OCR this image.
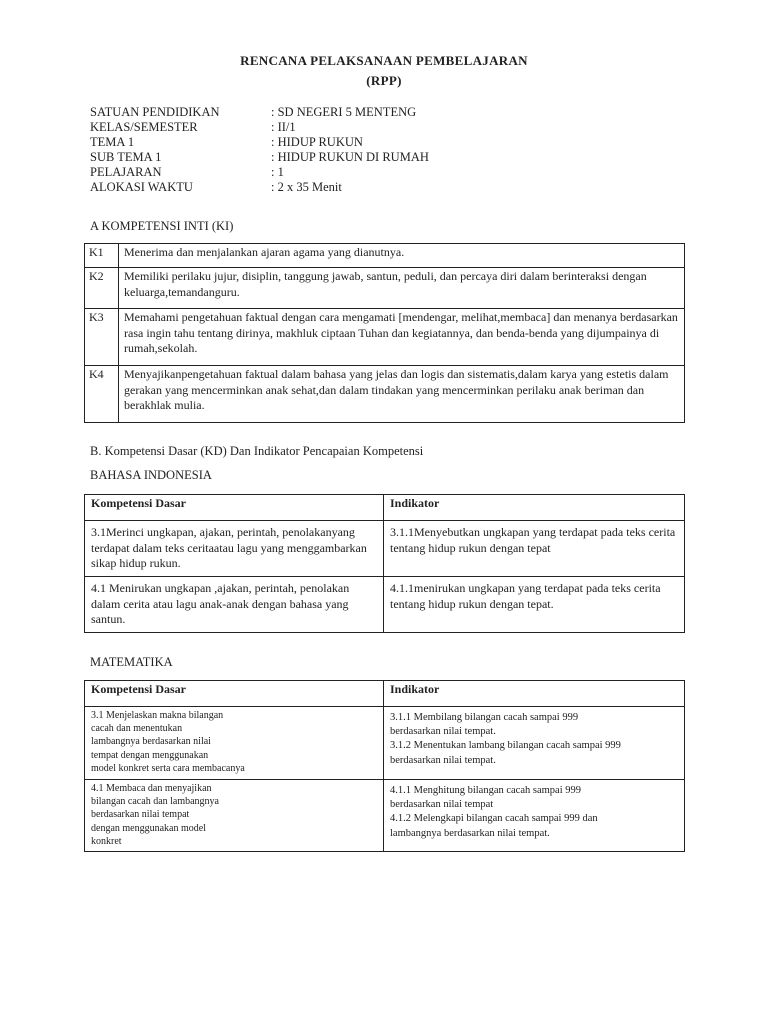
RENCANA PELAKSANAAN PEMBELAJARAN
(RPP)
SATUAN PENDIDIKAN	: SD NEGERI 5 MENTENG
KELAS/SEMESTER	: II/1
TEMA 1	: HIDUP RUKUN
SUB TEMA 1	: HIDUP RUKUN DI RUMAH
PELAJARAN	: 1
ALOKASI WAKTU	: 2 x 35 Menit
A KOMPETENSI INTI (KI)
K1	Menerima dan menjalankan ajaran agama yang dianutnya.
K2	Memiliki perilaku jujur, disiplin, tanggung jawab, santun, peduli, dan percaya diri dalam berinteraksi dengan keluarga,temandanguru.
K3	Memahami pengetahuan faktual dengan cara mengamati [mendengar, melihat,membaca] dan menanya berdasarkan rasa ingin tahu tentang dirinya, makhluk ciptaan Tuhan dan kegiatannya, dan benda-benda yang dijumpainya di rumah,sekolah.
K4	Menyajikanpengetahuan faktual dalam bahasa yang jelas dan logis dan sistematis,dalam karya yang estetis dalam gerakan yang mencerminkan anak sehat,dan dalam tindakan yang mencerminkan perilaku anak beriman dan berakhlak mulia.
B. Kompetensi Dasar (KD) Dan Indikator Pencapaian Kompetensi
BAHASA INDONESIA
Kompetensi Dasar	Indikator
3.1Merinci ungkapan, ajakan, perintah, penolakanyang terdapat dalam teks ceritaatau lagu yang menggambarkan sikap hidup rukun.	3.1.1Menyebutkan ungkapan yang terdapat pada teks cerita tentang hidup rukun dengan tepat
4.1 Menirukan ungkapan ,ajakan, perintah, penolakan dalam cerita atau lagu anak-anak dengan bahasa yang santun.	4.1.1menirukan ungkapan yang terdapat pada teks cerita tentang hidup rukun dengan tepat.
MATEMATIKA
Kompetensi Dasar	Indikator

3.1 Menjelaskan makna bilangan
cacah dan menentukan
lambangnya berdasarkan nilai
tempat dengan menggunakan
model konkret serta cara membacanya	3.1.1 Membilang bilangan cacah sampai 999
berdasarkan nilai tempat.
3.1.2 Menentukan lambang bilangan cacah sampai 999
berdasarkan nilai tempat.

4.1 Membaca dan menyajikan
bilangan cacah dan lambangnya
berdasarkan nilai tempat
dengan menggunakan model
konkret	4.1.1 Menghitung bilangan cacah sampai 999
berdasarkan nilai tempat
4.1.2 Melengkapi bilangan cacah sampai 999 dan
lambangnya berdasarkan nilai tempat.
